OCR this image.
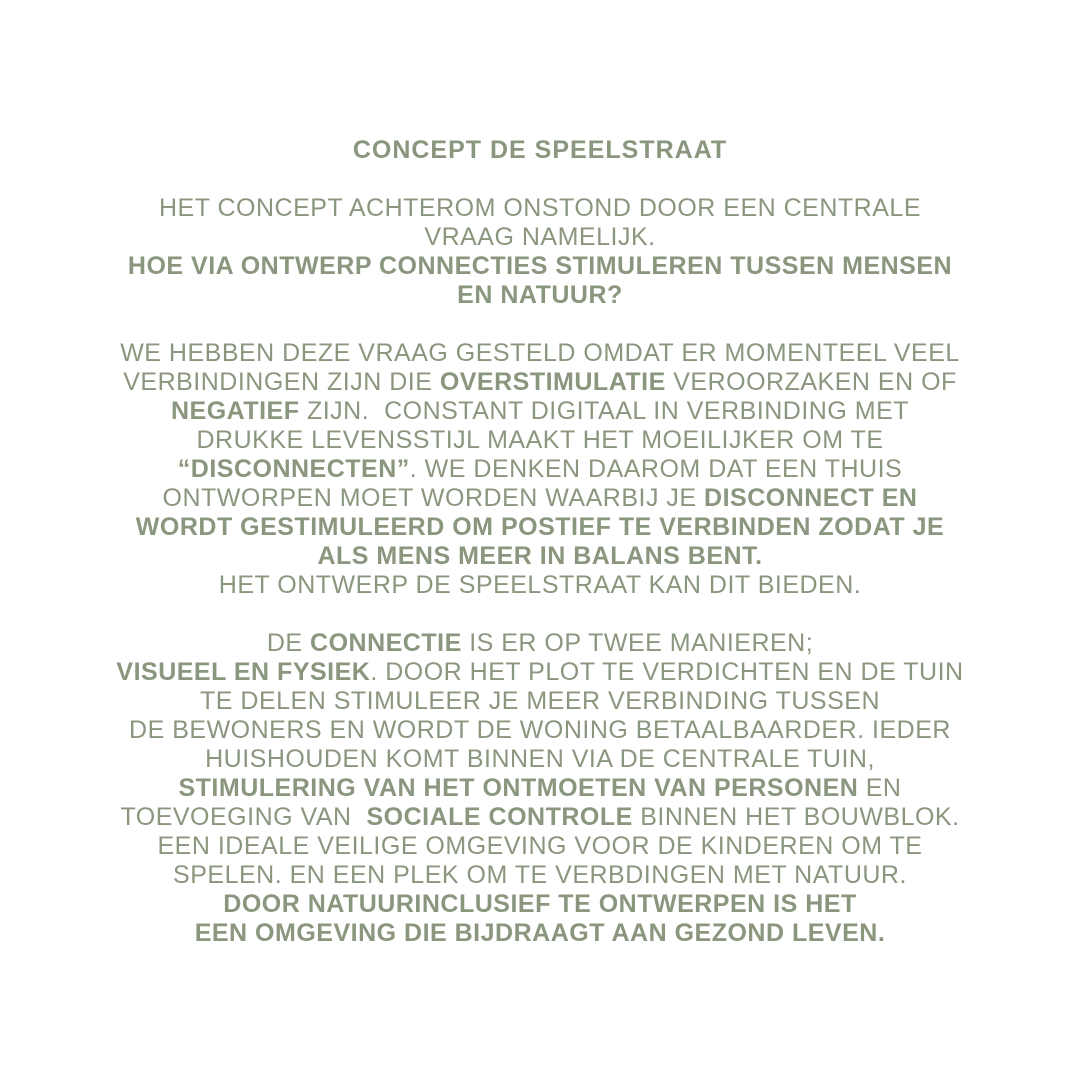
CONCEPT DE SPEELSTRAAT

HET CONCEPT ACHTEROM ONSTOND DOOR EEN CENTRALE
VRAAG NAMELIJK.
HOE VIA ONTWERP CONNECTIES STIMULEREN TUSSEN MENSEN
EN NATUUR?

WE HEBBEN DEZE VRAAG GESTELD OMDAT ER MOMENTEEL VEEL
VERBINDINGEN ZIJN DIE OVERSTIMULATIE VEROORZAKEN EN OF
NEGATIEF ZIJN.  CONSTANT DIGITAAL IN VERBINDING MET
DRUKKE LEVENSSTIJL MAAKT HET MOEILIJKER OM TE
“DISCONNECTEN”. WE DENKEN DAAROM DAT EEN THUIS
ONTWORPEN MOET WORDEN WAARBIJ JE DISCONNECT EN
WORDT GESTIMULEERD OM POSTIEF TE VERBINDEN ZODAT JE
ALS MENS MEER IN BALANS BENT.
HET ONTWERP DE SPEELSTRAAT KAN DIT BIEDEN.

DE CONNECTIE IS ER OP TWEE MANIEREN;
VISUEEL EN FYSIEK. DOOR HET PLOT TE VERDICHTEN EN DE TUIN
TE DELEN STIMULEER JE MEER VERBINDING TUSSEN
DE BEWONERS EN WORDT DE WONING BETAALBAARDER. IEDER
HUISHOUDEN KOMT BINNEN VIA DE CENTRALE TUIN,
STIMULERING VAN HET ONTMOETEN VAN PERSONEN EN
TOEVOEGING VAN  SOCIALE CONTROLE BINNEN HET BOUWBLOK.
EEN IDEALE VEILIGE OMGEVING VOOR DE KINDEREN OM TE
SPELEN. EN EEN PLEK OM TE VERBDINGEN MET NATUUR.
DOOR NATUURINCLUSIEF TE ONTWERPEN IS HET
EEN OMGEVING DIE BIJDRAAGT AAN GEZOND LEVEN.
